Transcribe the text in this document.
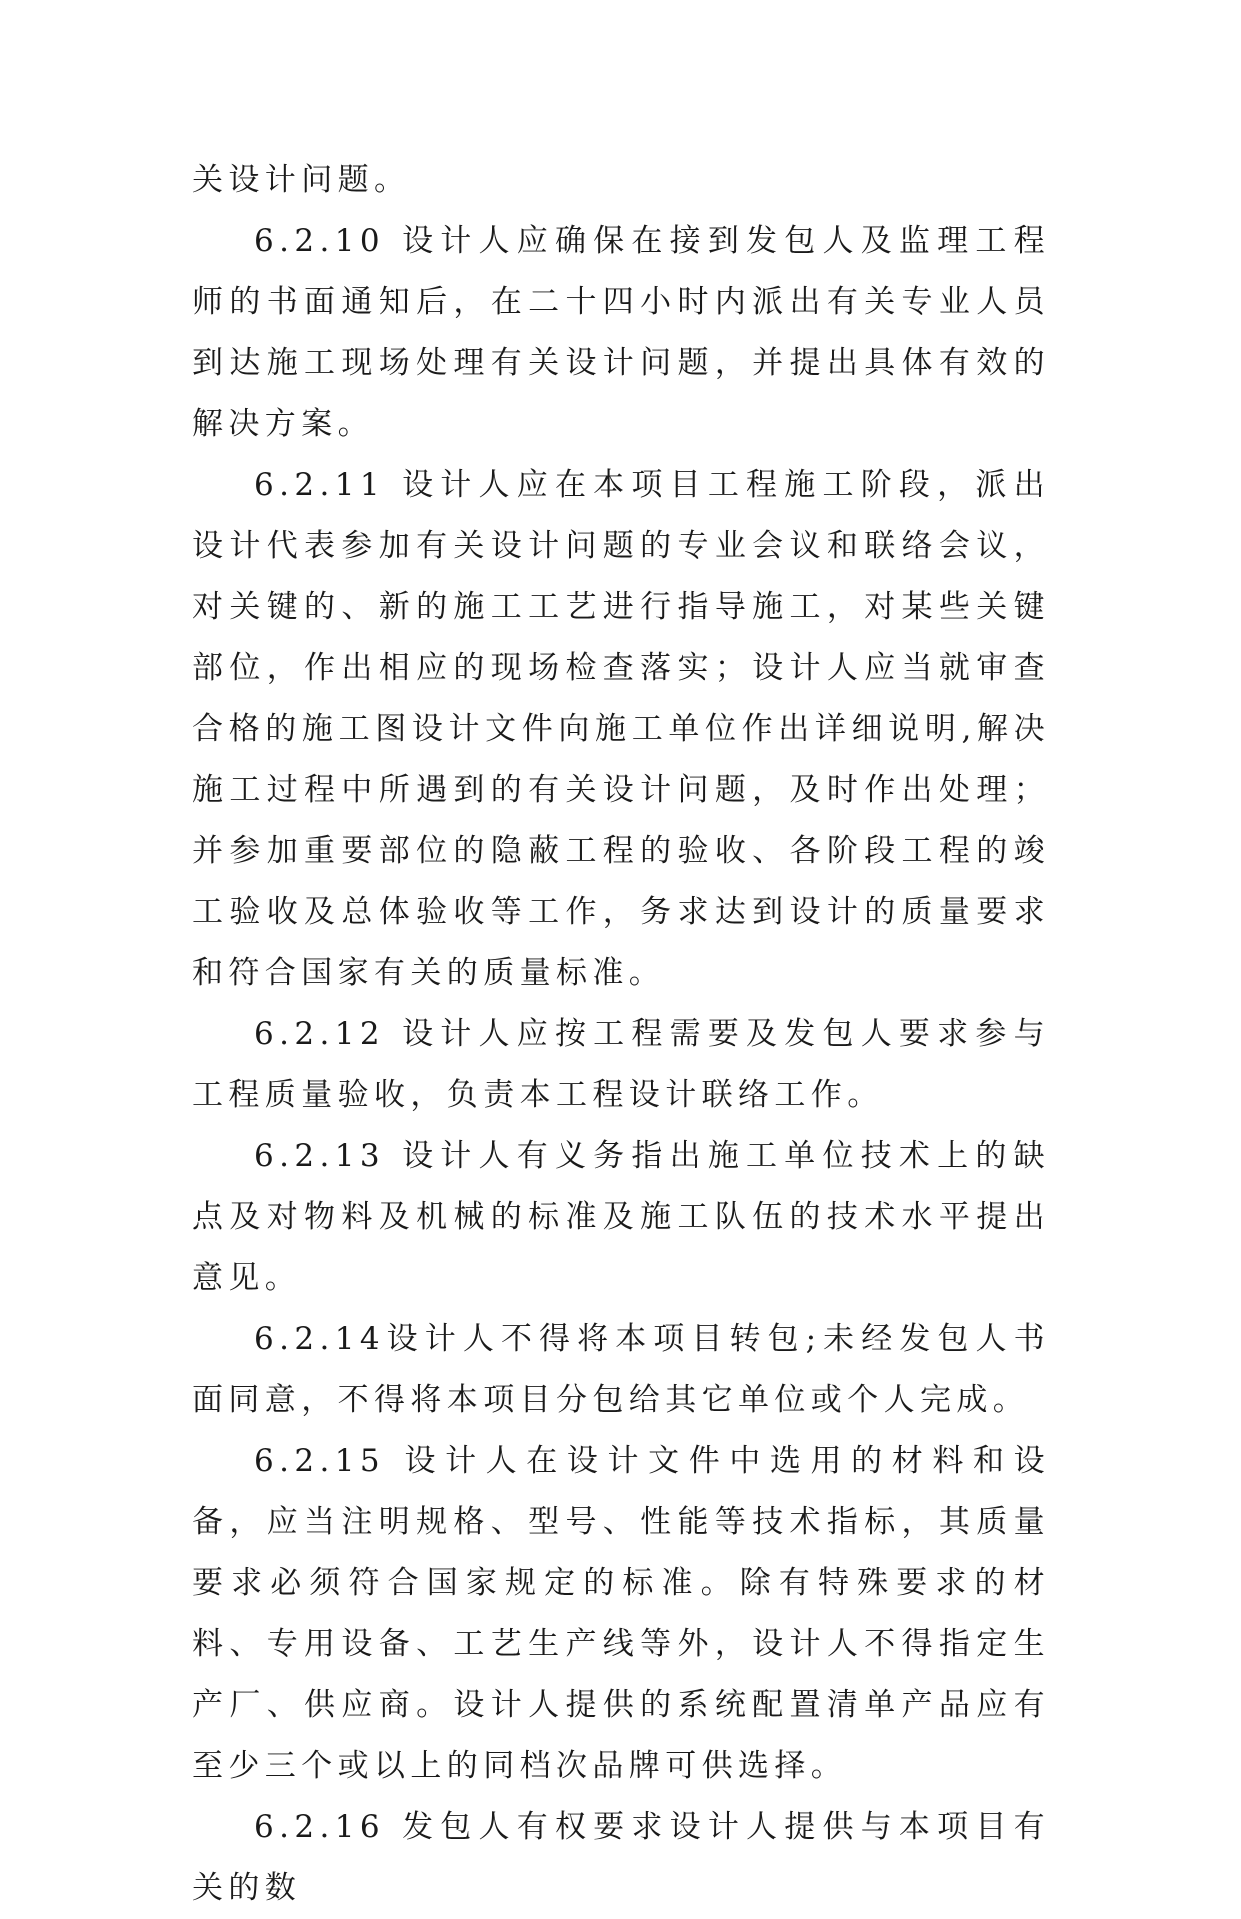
关设计问题。

6.2.10 设计人应确保在接到发包人及监理工程师的书面通知后，在二十四小时内派出有关专业人员到达施工现场处理有关设计问题，并提出具体有效的解决方案。

6.2.11 设计人应在本项目工程施工阶段，派出设计代表参加有关设计问题的专业会议和联络会议，对关键的、新的施工工艺进行指导施工，对某些关键部位，作出相应的现场检查落实；设计人应当就审查合格的施工图设计文件向施工单位作出详细说明,解决施工过程中所遇到的有关设计问题，及时作出处理；并参加重要部位的隐蔽工程的验收、各阶段工程的竣工验收及总体验收等工作，务求达到设计的质量要求和符合国家有关的质量标准。

6.2.12 设计人应按工程需要及发包人要求参与工程质量验收，负责本工程设计联络工作。

6.2.13 设计人有义务指出施工单位技术上的缺点及对物料及机械的标准及施工队伍的技术水平提出意见。

6.2.14设计人不得将本项目转包;未经发包人书面同意，不得将本项目分包给其它单位或个人完成。

6.2.15 设计人在设计文件中选用的材料和设备，应当注明规格、型号、性能等技术指标，其质量要求必须符合国家规定的标准。除有特殊要求的材料、专用设备、工艺生产线等外，设计人不得指定生产厂、供应商。设计人提供的系统配置清单产品应有至少三个或以上的同档次品牌可供选择。

6.2.16 发包人有权要求设计人提供与本项目有关的数
